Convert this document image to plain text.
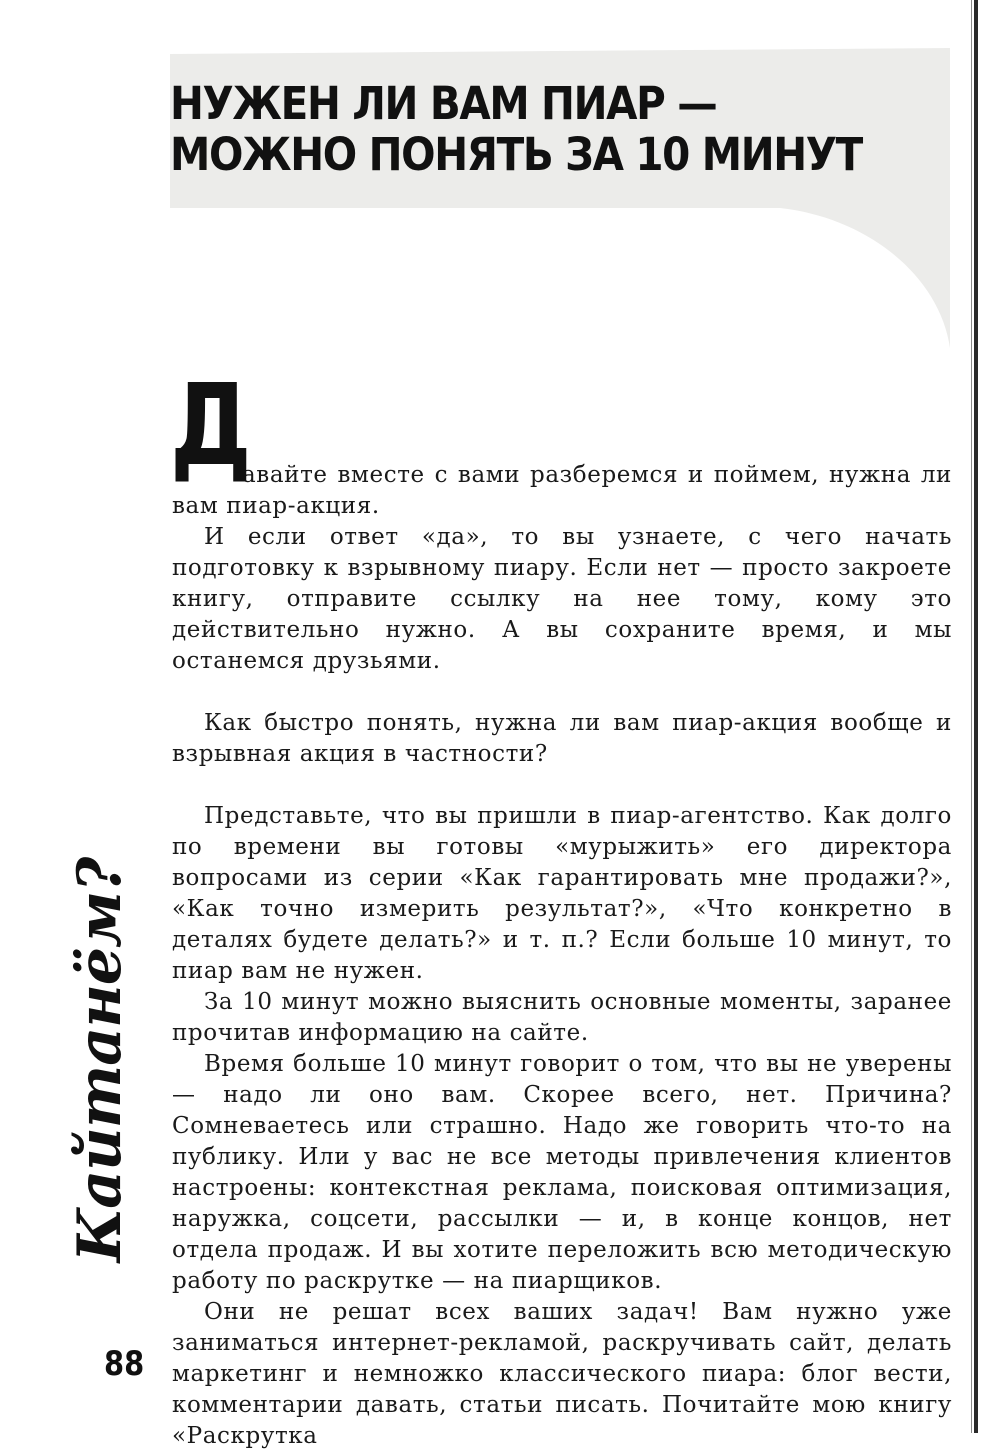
НУЖЕН ЛИ ВАМ ПИАР —
МОЖНО ПОНЯТЬ ЗА 10 МИНУТ

Д
авайте вместе с вами разберемся и поймем, нужна ли вам пиар-акция.

И если ответ «да», то вы узнаете, с чего начать подготовку к взрывному пиару. Если нет — просто закроете книгу, отправите ссылку на нее тому, кому это действительно нужно. А вы сохраните время, и мы останемся друзьями.

Как быстро понять, нужна ли вам пиар-акция вообще и взрывная акция в частности?

Представьте, что вы пришли в пиар-агентство. Как долго по времени вы готовы «мурыжить» его директора вопросами из серии «Как гарантировать мне продажи?», «Как точно измерить результат?», «Что конкретно в деталях будете делать?» и т. п.? Если больше 10 минут, то пиар вам не нужен.

За 10 минут можно выяснить основные моменты, заранее прочитав информацию на сайте.

Время больше 10 минут говорит о том, что вы не уверены — надо ли оно вам. Скорее всего, нет. Причина? Сомневаетесь или страшно. Надо же говорить что-то на публику. Или у вас не все методы привлечения клиентов настроены: контекстная реклама, поисковая оптимизация, наружка, соцсети, рассылки — и, в конце концов, нет отдела продаж. И вы хотите переложить всю методическую работу по раскрутке — на пиарщиков.

Они не решат всех ваших задач! Вам нужно уже заниматься интернет-рекламой, раскручивать сайт, делать маркетинг и немножко классического пиара: блог вести, комментарии давать, статьи писать. Почитайте мою книгу «Раскрутка

Кайтанём?
88
